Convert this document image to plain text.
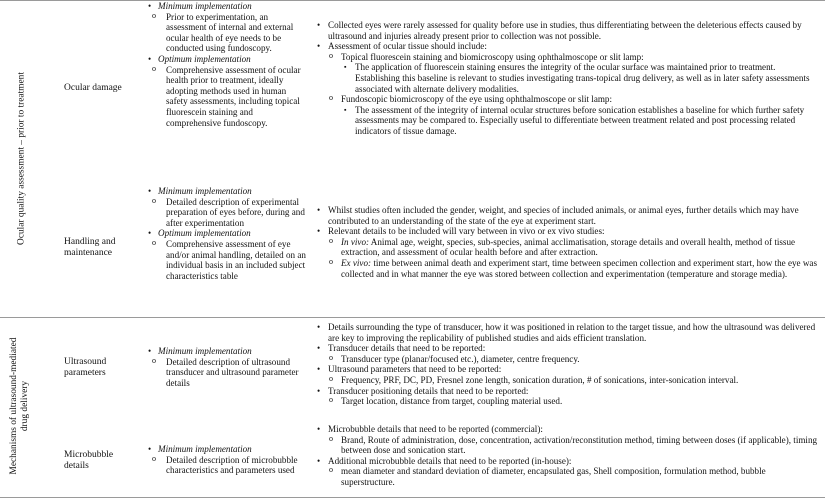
Ocular quality assessment – prior to treatment
Mechanisms of ultrasound-mediated drug delivery
Ocular damage
Handling and maintenance
Ultrasound parameters
Microbubble details

• Minimum implementation

o Prior to experimentation, an assessment of internal and external ocular health of eye needs to be conducted using fundoscopy.

• Optimum implementation

o Comprehensive assessment of ocular health prior to treatment, ideally adopting methods used in human safety assessments, including topical fluorescein staining and comprehensive fundoscopy.

• Minimum implementation

o Detailed description of experimental preparation of eyes before, during and after experimentation

• Optimum implementation

o Comprehensive assessment of eye and/or animal handling, detailed on an individual basis in an included subject characteristics table

• Minimum implementation

o Detailed description of ultrasound transducer and ultrasound parameter details

• Minimum implementation

o Detailed description of microbubble characteristics and parameters used

• Collected eyes were rarely assessed for quality before use in studies, thus differentiating between the deleterious effects caused by ultrasound and injuries already present prior to collection was not possible.

• Assessment of ocular tissue should include:

o Topical fluorescein staining and biomicroscopy using ophthalmoscope or slit lamp:

▪ The application of fluorescein staining ensures the integrity of the ocular surface was maintained prior to treatment. Establishing this baseline is relevant to studies investigating trans-topical drug delivery, as well as in later safety assessments associated with alternate delivery modalities.

o Fundoscopic biomicroscopy of the eye using ophthalmoscope or slit lamp:

▪ The assessment of the integrity of internal ocular structures before sonication establishes a baseline for which further safety assessments may be compared to. Especially useful to differentiate between treatment related and post processing related indicators of tissue damage.

• Whilst studies often included the gender, weight, and species of included animals, or animal eyes, further details which may have contributed to an understanding of the state of the eye at experiment start.

• Relevant details to be included will vary between in vivo or ex vivo studies:

o In vivo: Animal age, weight, species, sub-species, animal acclimatisation, storage details and overall health, method of tissue extraction, and assessment of ocular health before and after extraction.

o Ex vivo: time between animal death and experiment start, time between specimen collection and experiment start, how the eye was collected and in what manner the eye was stored between collection and experimentation (temperature and storage media).

• Details surrounding the type of transducer, how it was positioned in relation to the target tissue, and how the ultrasound was delivered are key to improving the replicability of published studies and aids efficient translation.

• Transducer details that need to be reported:

o Transducer type (planar/focused etc.), diameter, centre frequency.

• Ultrasound parameters that need to be reported:

o Frequency, PRF, DC, PD, Fresnel zone length, sonication duration, # of sonications, inter-sonication interval.

• Transducer positioning details that need to be reported:

o Target location, distance from target, coupling material used.

• Microbubble details that need to be reported (commercial):

o Brand, Route of administration, dose, concentration, activation/reconstitution method, timing between doses (if applicable), timing between dose and sonication start.

• Additional microbubble details that need to be reported (in-house):

o mean diameter and standard deviation of diameter, encapsulated gas, Shell composition, formulation method, bubble superstructure.
